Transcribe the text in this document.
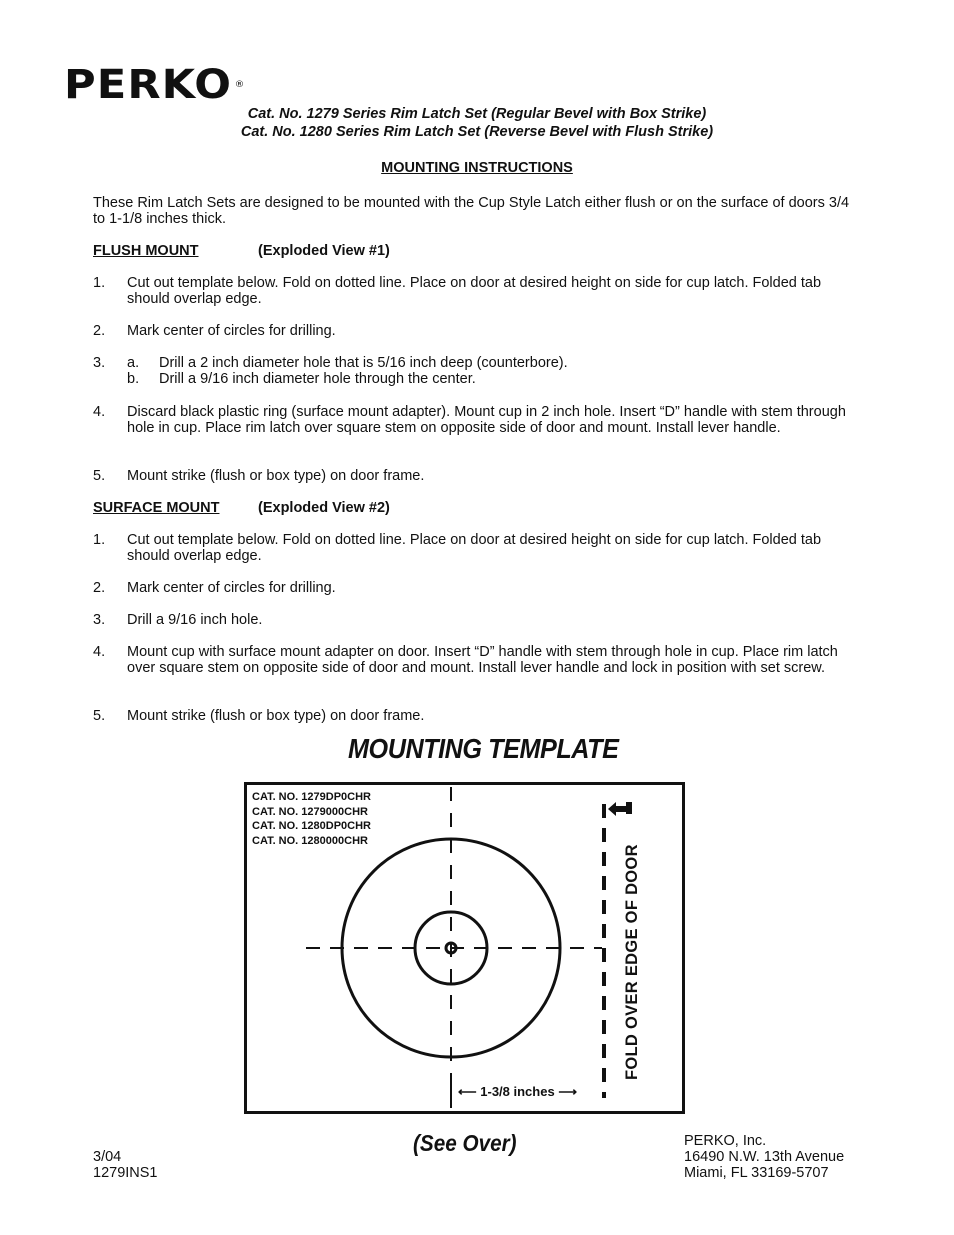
PERKO ®
Cat. No. 1279 Series Rim Latch Set (Regular Bevel with Box Strike)
Cat. No. 1280 Series Rim Latch Set (Reverse Bevel with Flush Strike)
MOUNTING INSTRUCTIONS
These Rim Latch Sets are designed to be mounted with the Cup Style Latch either flush or on the surface of doors 3/4 to 1-1/8 inches thick.
FLUSH MOUNT	(Exploded View #1)
1. Cut out template below. Fold on dotted line. Place on door at desired height on side for cup latch. Folded tab should overlap edge.
2. Mark center of circles for drilling.
3. a. Drill a 2 inch diameter hole that is 5/16 inch deep (counterbore).
b. Drill a 9/16 inch diameter hole through the center.
4. Discard black plastic ring (surface mount adapter). Mount cup in 2 inch hole. Insert “D” handle with stem through hole in cup. Place rim latch over square stem on opposite side of door and mount. Install lever handle.
5. Mount strike (flush or box type) on door frame.
SURFACE MOUNT	(Exploded View #2)
1. Cut out template below. Fold on dotted line. Place on door at desired height on side for cup latch. Folded tab should overlap edge.
2. Mark center of circles for drilling.
3. Drill a 9/16 inch hole.
4. Mount cup with surface mount adapter on door. Insert “D” handle with stem through hole in cup. Place rim latch over square stem on opposite side of door and mount. Install lever handle and lock in position with set screw.
5. Mount strike (flush or box type) on door frame.
MOUNTING TEMPLATE
CAT. NO. 1279DP0CHR
CAT. NO. 1279000CHR
CAT. NO. 1280DP0CHR
CAT. NO. 1280000CHR
⟵ 1-3/8 inches ⟶
FOLD OVER EDGE OF DOOR
(See Over)
3/04
1279INS1
PERKO, Inc.
16490 N.W. 13th Avenue
Miami, FL 33169-5707
